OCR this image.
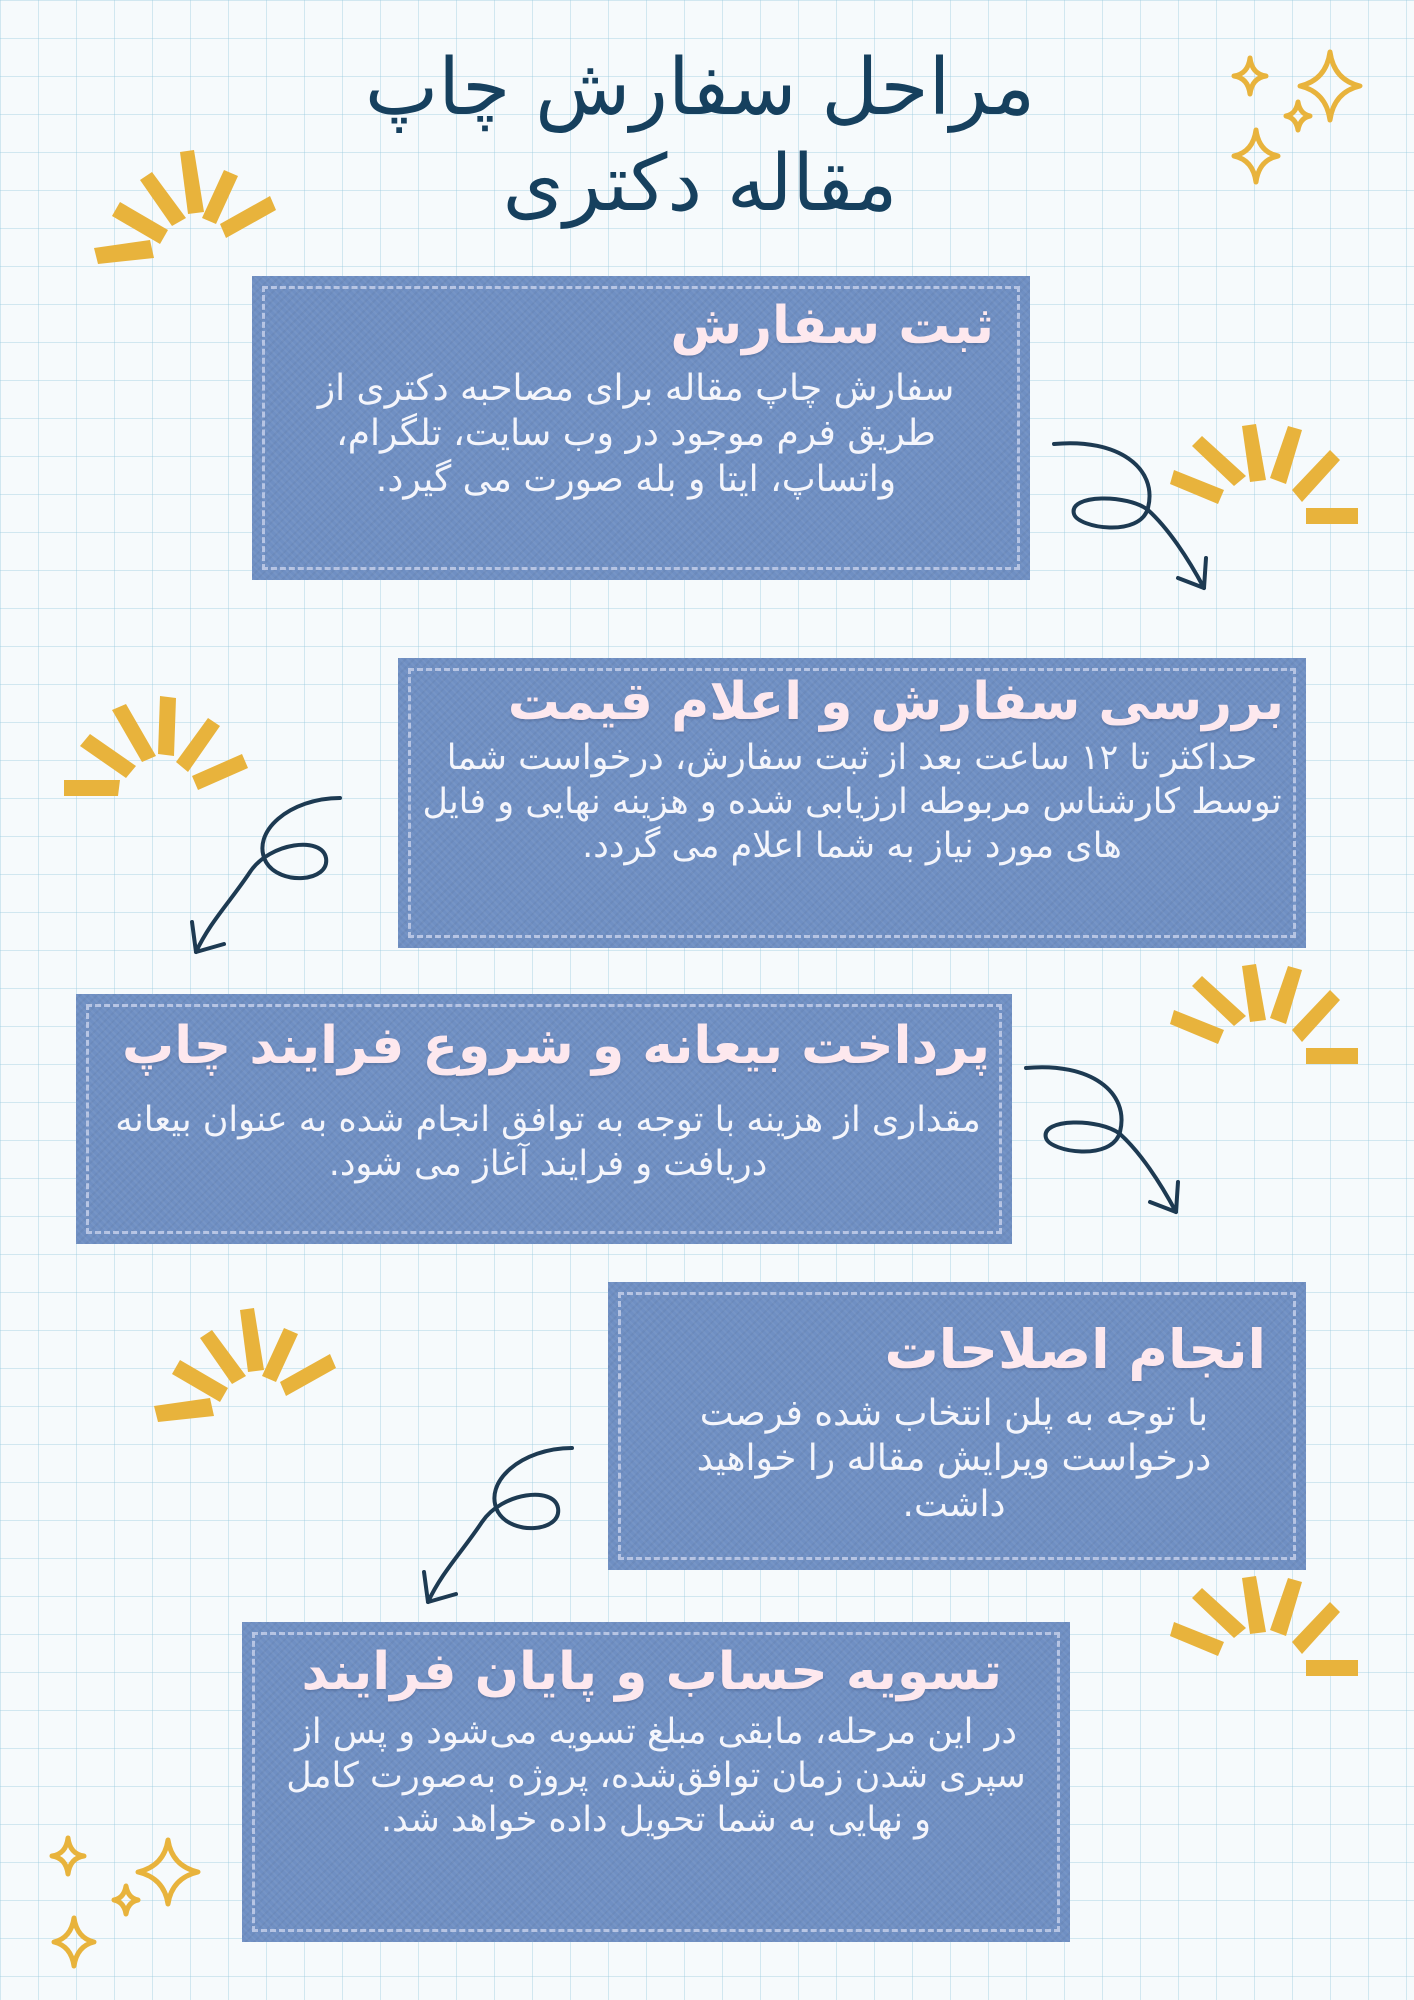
مراحل سفارش چاپ
مقاله دکتری
ثبت سفارش
سفارش چاپ مقاله برای مصاحبه دکتری از طریق فرم موجود در وب سایت، تلگرام، واتساپ، ایتا و بله صورت می گیرد.
بررسی سفارش و اعلام قیمت
حداکثر تا ۱۲ ساعت بعد از ثبت سفارش، درخواست شما توسط کارشناس مربوطه ارزیابی شده و هزینه نهایی و فایل های مورد نیاز به شما اعلام می گردد.
پرداخت بیعانه و شروع فرایند چاپ
مقداری از هزینه با توجه به توافق انجام شده به عنوان بیعانه دریافت و فرایند آغاز می شود.
انجام اصلاحات
با توجه به پلن انتخاب شده فرصت درخواست ویرایش مقاله را خواهید داشت.
تسویه حساب و پایان فرایند
در این مرحله، مابقی مبلغ تسویه می‌شود و پس از سپری شدن زمان توافق‌شده، پروژه به‌صورت کامل و نهایی به شما تحویل داده خواهد شد.
